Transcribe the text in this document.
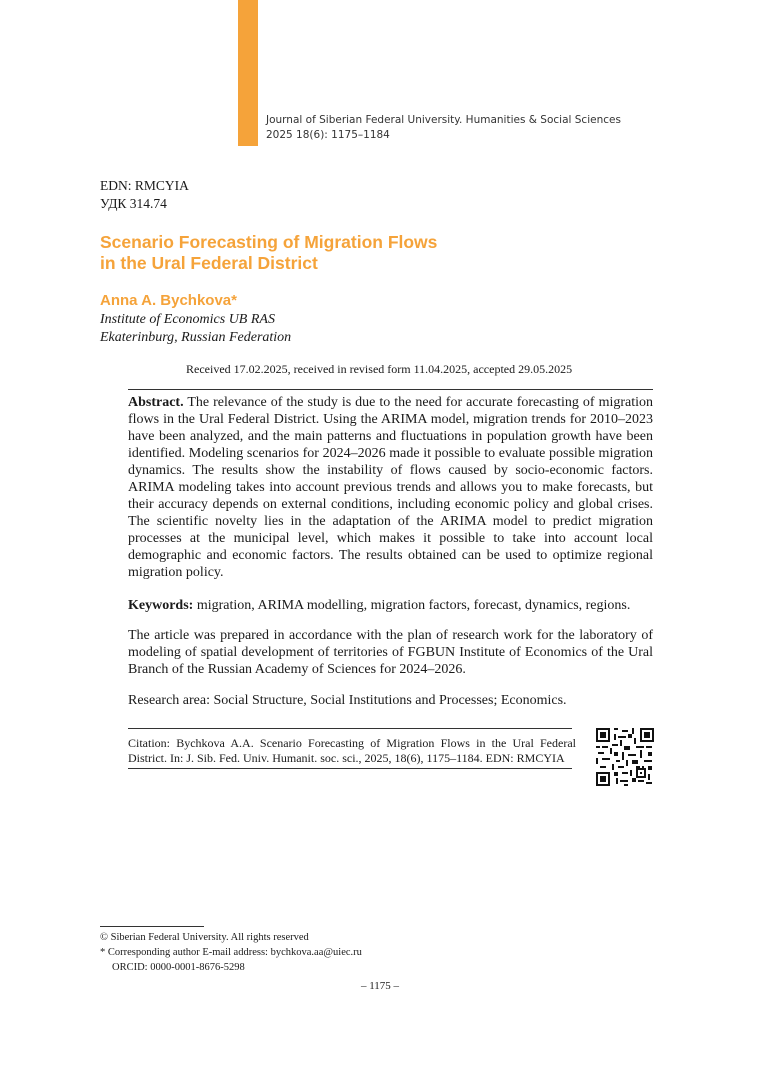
Journal of Siberian Federal University. Humanities & Social Sciences
2025 18(6): 1175–1184
EDN: RMCYIA
УДК 314.74
Scenario Forecasting of Migration Flows
in the Ural Federal District
Anna A. Bychkova*
Institute of Economics UB RAS
Ekaterinburg, Russian Federation
Received 17.02.2025, received in revised form 11.04.2025, accepted 29.05.2025
Abstract. The relevance of the study is due to the need for accurate forecasting of migration flows in the Ural Federal District. Using the ARIMA model, migration trends for 2010–2023 have been analyzed, and the main patterns and fluctuations in population growth have been identified. Modeling scenarios for 2024–2026 made it possible to evaluate possible migration dynamics. The results show the instability of flows caused by socio-economic factors. ARIMA modeling takes into account previous trends and allows you to make forecasts, but their accuracy depends on external conditions, including economic policy and global crises. The scientific novelty lies in the adaptation of the ARIMA model to predict migration processes at the municipal level, which makes it possible to take into account local demographic and economic factors. The results obtained can be used to optimize regional migration policy.
Keywords: migration, ARIMA modelling, migration factors, forecast, dynamics, regions.
The article was prepared in accordance with the plan of research work for the laboratory of modeling of spatial development of territories of FGBUN Institute of Economics of the Ural Branch of the Russian Academy of Sciences for 2024–2026.
Research area: Social Structure, Social Institutions and Processes; Economics.
Citation: Bychkova A.A. Scenario Forecasting of Migration Flows in the Ural Federal District. In: J. Sib. Fed. Univ. Humanit. soc. sci., 2025, 18(6), 1175–1184. EDN: RMCYIA
© Siberian Federal University. All rights reserved
* Corresponding author E-mail address: bychkova.aa@uiec.ru
ORCID: 0000-0001-8676-5298
– 1175 –
